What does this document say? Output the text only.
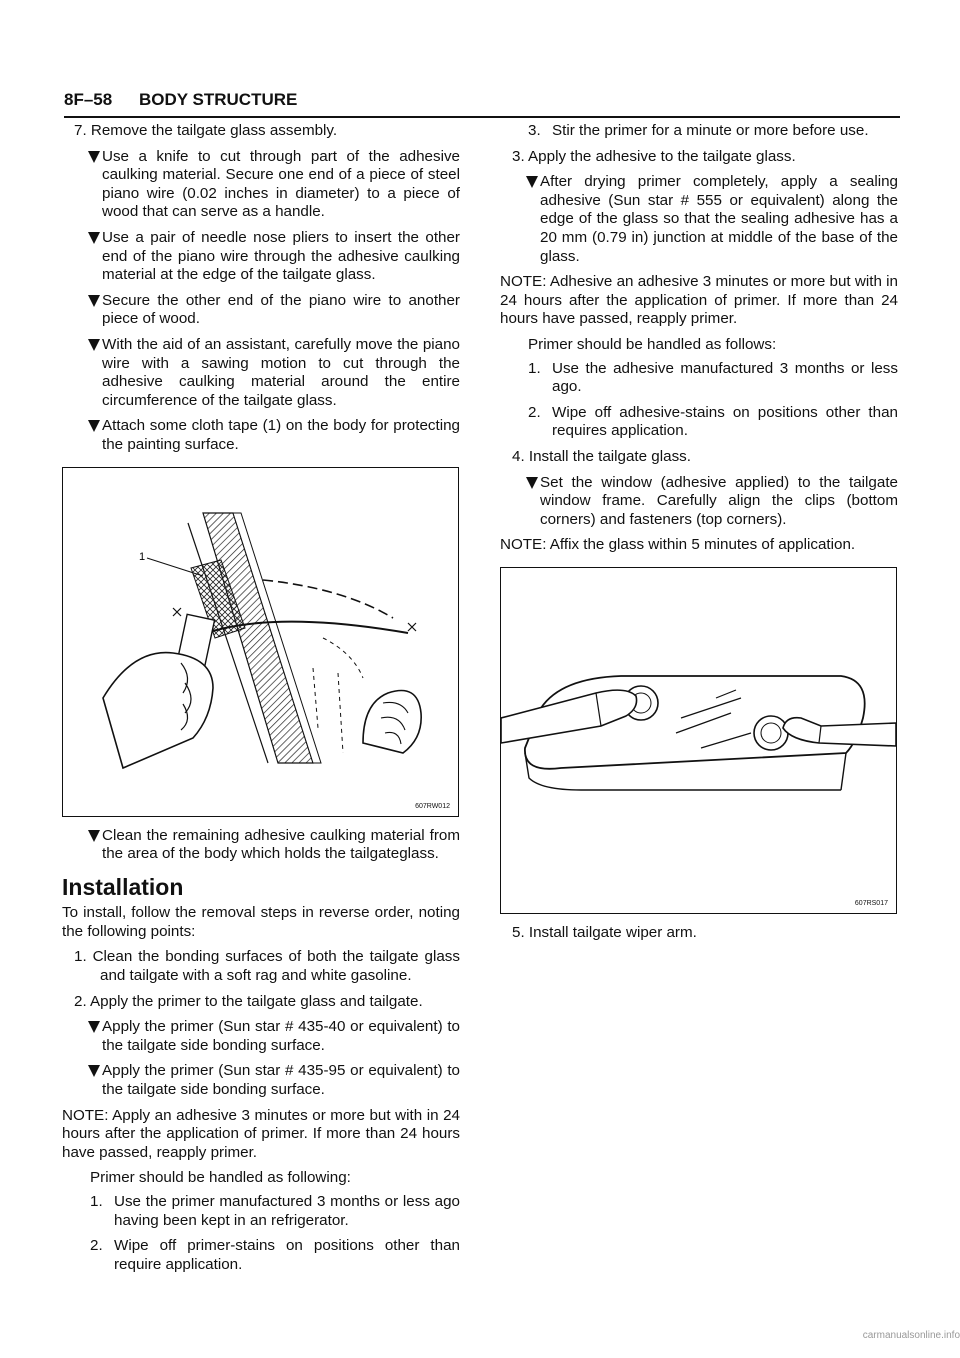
8F–58 BODY STRUCTURE

7. Remove the tailgate glass assembly.

Use a knife to cut through part of the adhesive caulking material. Secure one end of a piece of steel piano wire (0.02 inches in diameter) to a piece of wood that can serve as a handle.

Use a pair of needle nose pliers to insert the other end of the piano wire through the adhesive caulking material at the edge of the tailgate glass.

Secure the other end of the piano wire to another piece of wood.

With the aid of an assistant, carefully move the piano wire with a sawing motion to cut through the adhesive caulking material around the entire circumference of the tailgate glass.

Attach some cloth tape (1) on the body for protecting the painting surface.

1
607RW012

Clean the remaining adhesive caulking material from the area of the body which holds the tailgateglass.

Installation

To install, follow the removal steps in reverse order, noting the following points:

1. Clean the bonding surfaces of both the tailgate glass and tailgate with a soft rag and white gasoline.

2. Apply the primer to the tailgate glass and tailgate.

Apply the primer (Sun star # 435-40 or equivalent) to the tailgate side bonding surface.

Apply the primer (Sun star # 435-95 or equivalent) to the tailgate side bonding surface.

NOTE: Apply an adhesive 3 minutes or more but with in 24 hours after the application of primer. If more than 24 hours have passed, reapply primer.

Primer should be handled as following:

1. Use the primer manufactured 3 months or less ago having been kept in an refrigerator.

2. Wipe off primer-stains on positions other than require application.

3. Stir the primer for a minute or more before use.

3. Apply the adhesive to the tailgate glass.

After drying primer completely, apply a sealing adhesive (Sun star # 555 or equivalent) along the edge of the glass so that the sealing adhesive has a 20 mm (0.79 in) junction at middle of the base of the glass.

NOTE: Adhesive an adhesive 3 minutes or more but with in 24 hours after the application of primer. If more than 24 hours have passed, reapply primer.

Primer should be handled as follows:

1. Use the adhesive manufactured 3 months or less ago.

2. Wipe off adhesive-stains on positions other than requires application.

4. Install the tailgate glass.

Set the window (adhesive applied) to the tailgate window frame. Carefully align the clips (bottom corners) and fasteners (top corners).

NOTE: Affix the glass within 5 minutes of application.

607RS017

5. Install tailgate wiper arm.

carmanualsonline.info
